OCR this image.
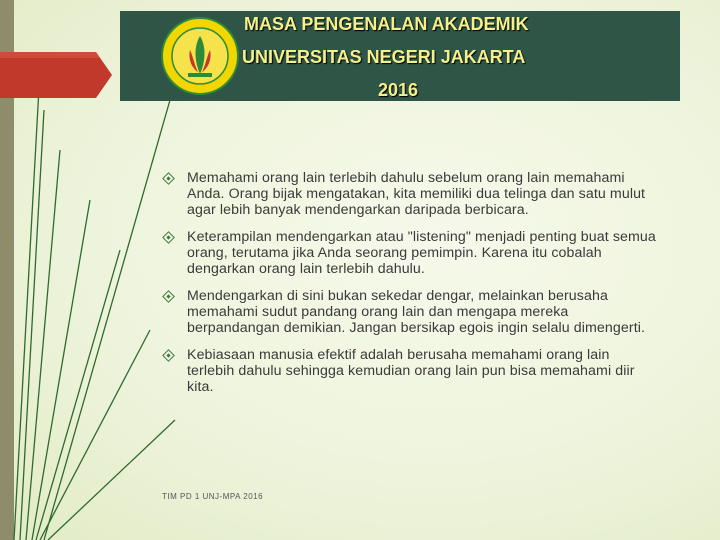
MASA PENGENALAN AKADEMIK
UNIVERSITAS NEGERI JAKARTA
2016
Memahami orang lain terlebih dahulu sebelum orang lain memahami Anda. Orang bijak mengatakan, kita memiliki dua telinga dan satu mulut agar lebih banyak mendengarkan daripada berbicara.
Keterampilan mendengarkan atau "listening" menjadi penting buat semua orang, terutama jika Anda seorang pemimpin. Karena itu cobalah dengarkan orang lain terlebih dahulu.
Mendengarkan di sini bukan sekedar dengar, melainkan berusaha memahami sudut pandang orang lain dan mengapa mereka berpandangan demikian. Jangan bersikap egois ingin selalu dimengerti.
Kebiasaan manusia efektif adalah berusaha memahami orang lain terlebih dahulu sehingga kemudian orang lain pun bisa memahami diir kita.
TIM PD 1 UNJ-MPA 2016
